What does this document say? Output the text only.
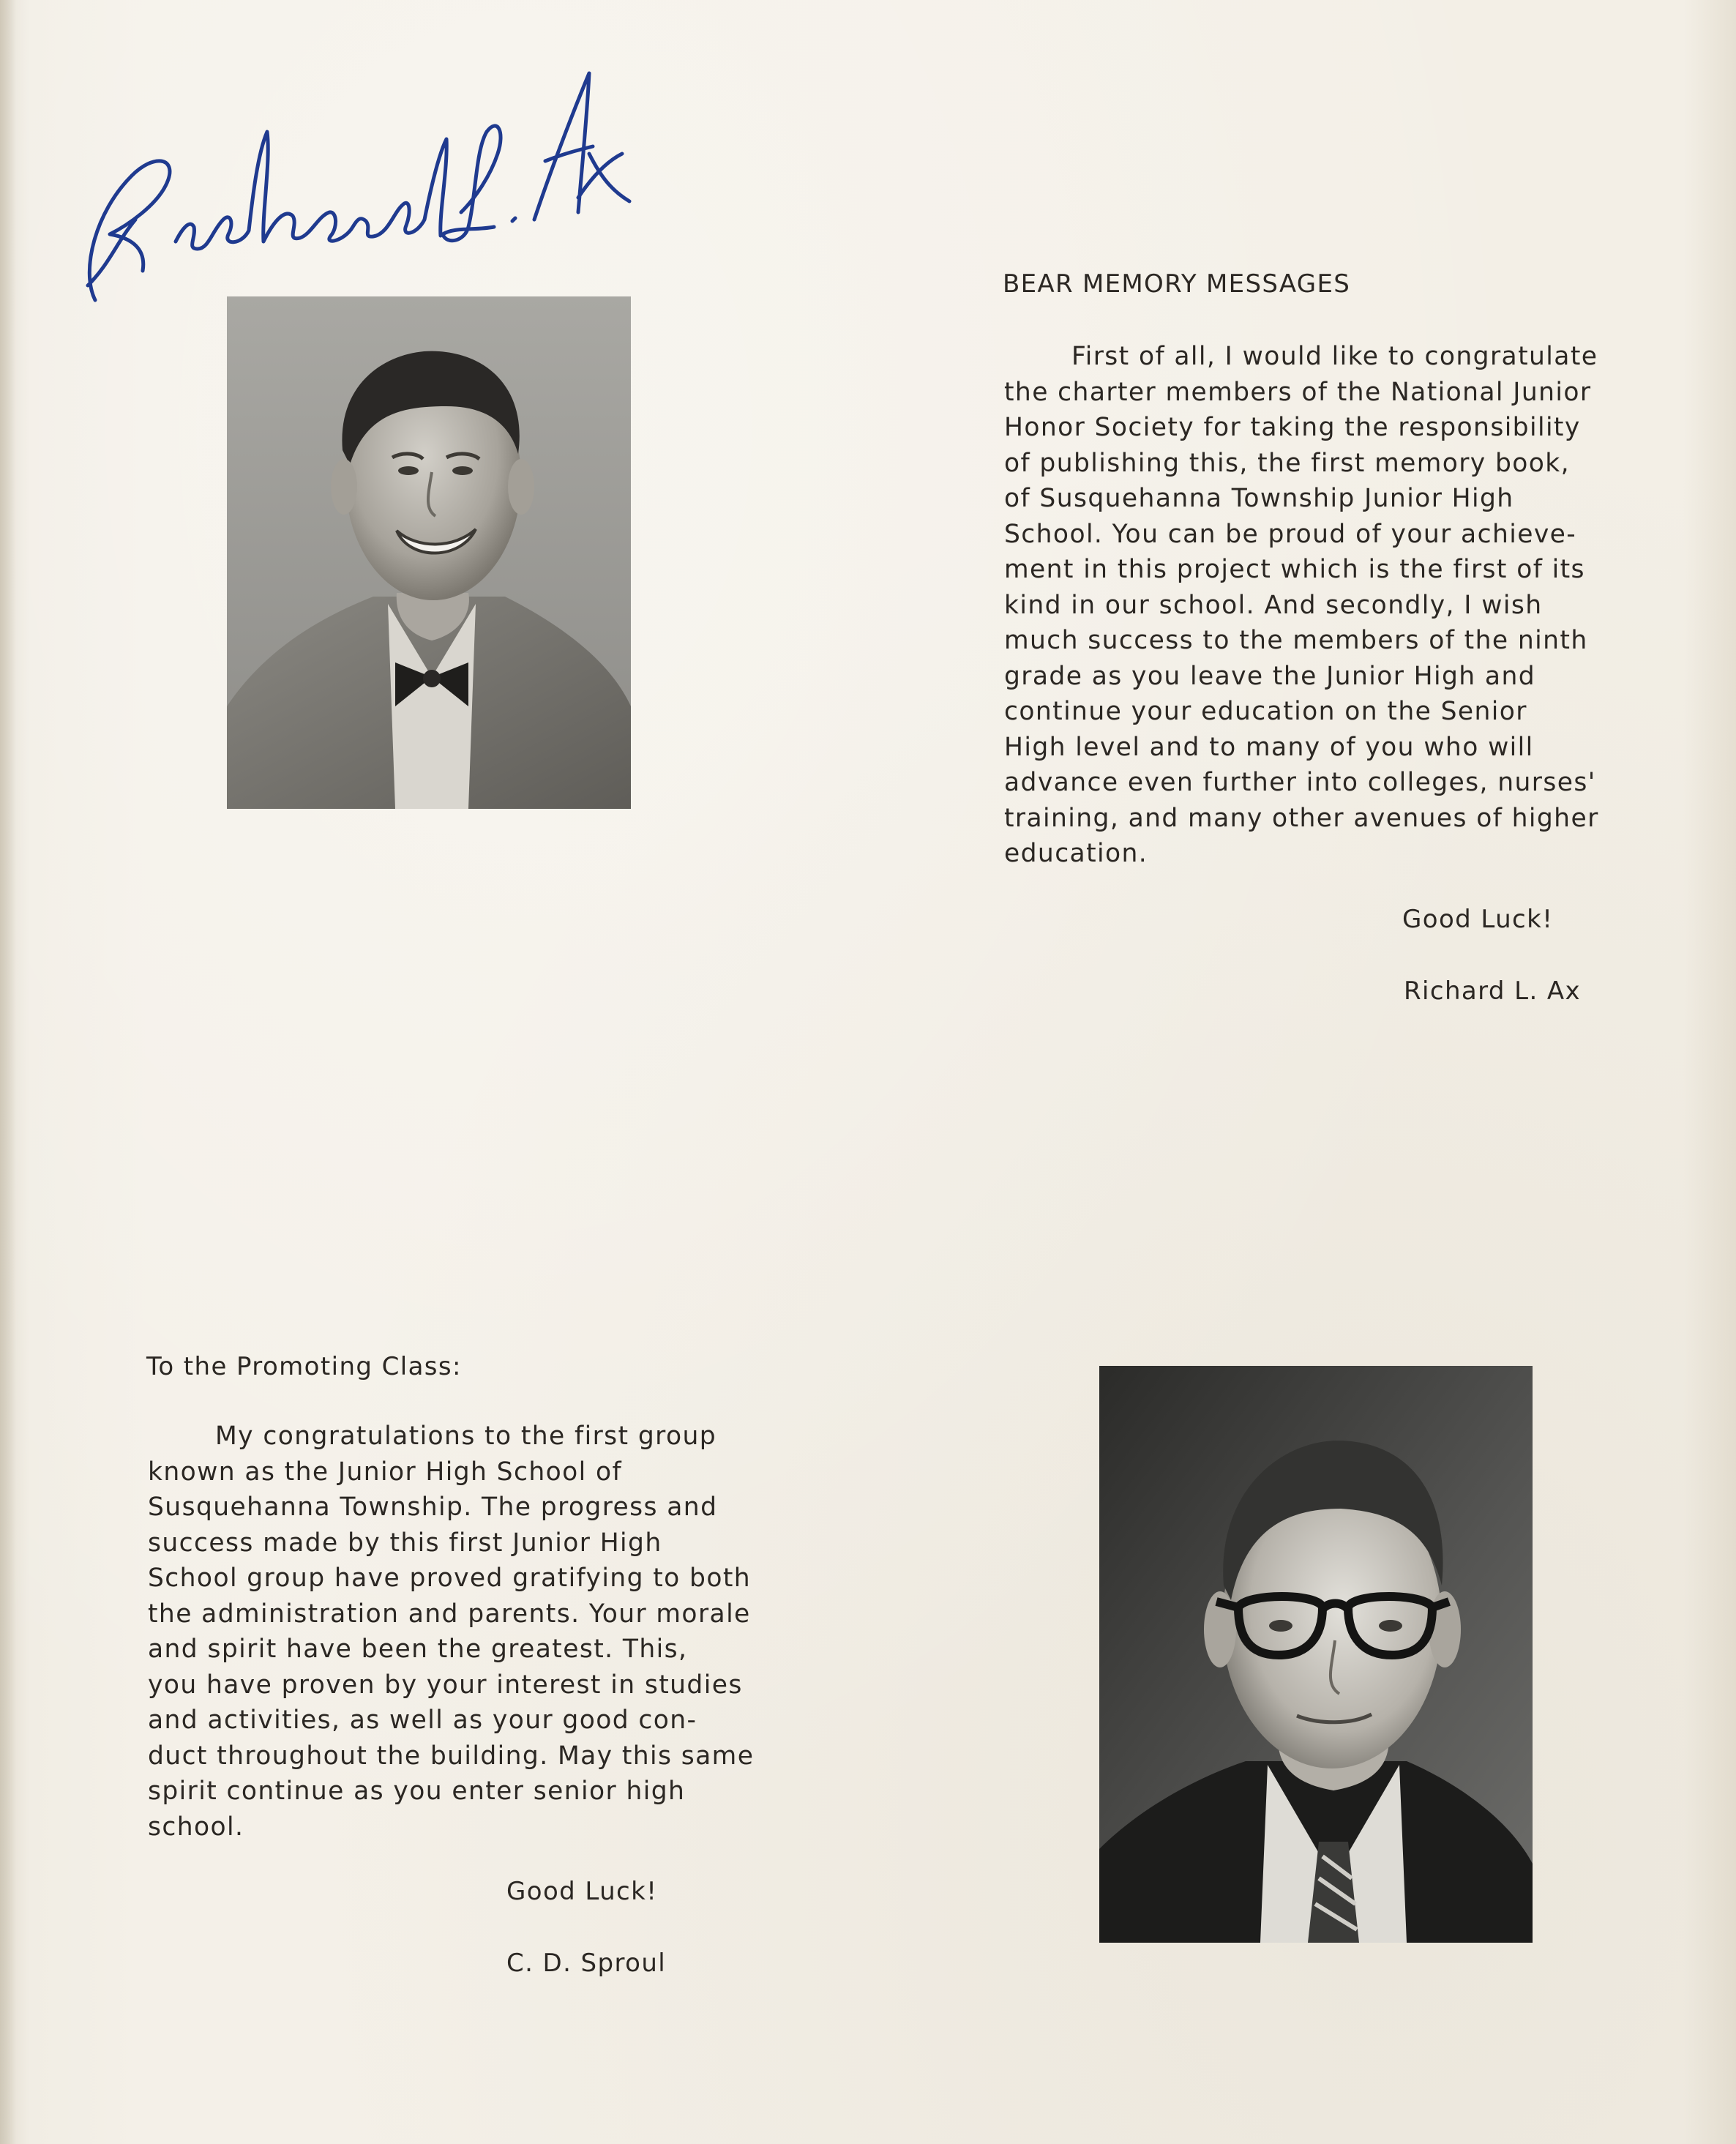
BEAR MEMORY MESSAGES
First of all, I would like to congratulate
the charter members of the National Junior
Honor Society for taking the responsibility
of publishing this, the first memory book,
of Susquehanna Township Junior High
School. You can be proud of your achieve-
ment in this project which is the first of its
kind in our school. And secondly, I wish
much success to the members of the ninth
grade as you leave the Junior High and
continue your education on the Senior
High level and to many of you who will
advance even further into colleges, nurses'
training, and many other avenues of higher
education.
Good Luck!
Richard L. Ax
To the Promoting Class:
My congratulations to the first group
known as the Junior High School of
Susquehanna Township. The progress and
success made by this first Junior High
School group have proved gratifying to both
the administration and parents. Your morale
and spirit have been the greatest. This,
you have proven by your interest in studies
and activities, as well as your good con-
duct throughout the building. May this same
spirit continue as you enter senior high
school.
Good Luck!
C. D. Sproul
